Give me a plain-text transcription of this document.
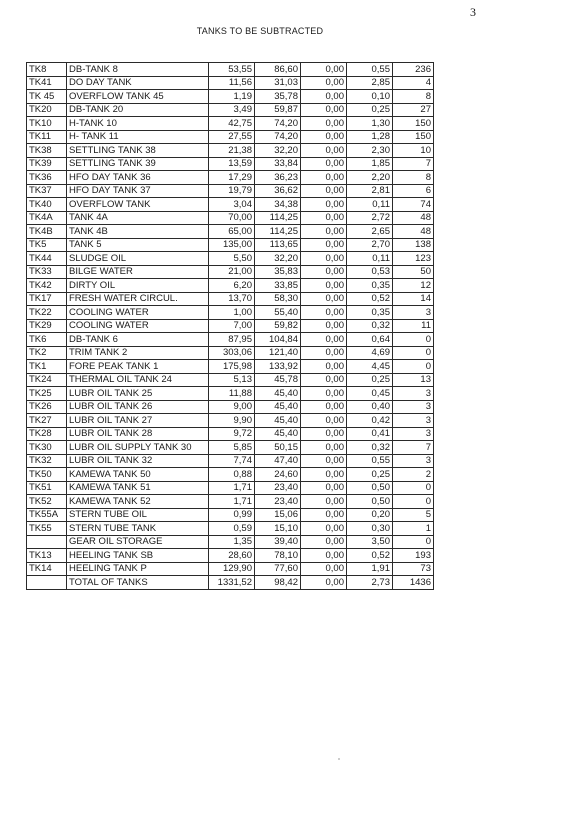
3
TANKS TO BE SUBTRACTED
TK8	DB-TANK 8	53,55	86,60	0,00	0,55	236
TK41	DO DAY TANK	11,56	31,03	0,00	2,85	4
TK 45	OVERFLOW TANK 45	1,19	35,78	0,00	0,10	8
TK20	DB-TANK 20	3,49	59,87	0,00	0,25	27
TK10	H-TANK 10	42,75	74,20	0,00	1,30	150
TK11	H- TANK 11	27,55	74,20	0,00	1,28	150
TK38	SETTLING TANK 38	21,38	32,20	0,00	2,30	10
TK39	SETTLING TANK 39	13,59	33,84	0,00	1,85	7
TK36	HFO DAY TANK 36	17,29	36,23	0,00	2,20	8
TK37	HFO DAY TANK 37	19,79	36,62	0,00	2,81	6
TK40	OVERFLOW TANK	3,04	34,38	0,00	0,11	74
TK4A	TANK 4A	70,00	114,25	0,00	2,72	48
TK4B	TANK 4B	65,00	114,25	0,00	2,65	48
TK5	TANK 5	135,00	113,65	0,00	2,70	138
TK44	SLUDGE OIL	5,50	32,20	0,00	0,11	123
TK33	BILGE WATER	21,00	35,83	0,00	0,53	50
TK42	DIRTY OIL	6,20	33,85	0,00	0,35	12
TK17	FRESH WATER CIRCUL.	13,70	58,30	0,00	0,52	14
TK22	COOLING WATER	1,00	55,40	0,00	0,35	3
TK29	COOLING WATER	7,00	59,82	0,00	0,32	11
TK6	DB-TANK 6	87,95	104,84	0,00	0,64	0
TK2	TRIM TANK 2	303,06	121,40	0,00	4,69	0
TK1	FORE PEAK TANK 1	175,98	133,92	0,00	4,45	0
TK24	THERMAL OIL TANK 24	5,13	45,78	0,00	0,25	13
TK25	LUBR OIL TANK 25	11,88	45,40	0,00	0,45	3
TK26	LUBR OIL TANK 26	9,00	45,40	0,00	0,40	3
TK27	LUBR OIL TANK 27	9,90	45,40	0,00	0,42	3
TK28	LUBR OIL TANK 28	9,72	45,40	0,00	0,41	3
TK30	LUBR OIL SUPPLY TANK 30	5,85	50,15	0,00	0,32	7
TK32	LUBR OIL TANK 32	7,74	47,40	0,00	0,55	3
TK50	KAMEWA TANK 50	0,88	24,60	0,00	0,25	2
TK51	KAMEWA TANK 51	1,71	23,40	0,00	0,50	0
TK52	KAMEWA TANK 52	1,71	23,40	0,00	0,50	0
TK55A	STERN TUBE OIL	0,99	15,06	0,00	0,20	5
TK55	STERN TUBE TANK	0,59	15,10	0,00	0,30	1
	GEAR OIL STORAGE	1,35	39,40	0,00	3,50	0
TK13	HEELING TANK SB	28,60	78,10	0,00	0,52	193
TK14	HEELING TANK P	129,90	77,60	0,00	1,91	73
	TOTAL OF TANKS	1331,52	98,42	0,00	2,73	1436
